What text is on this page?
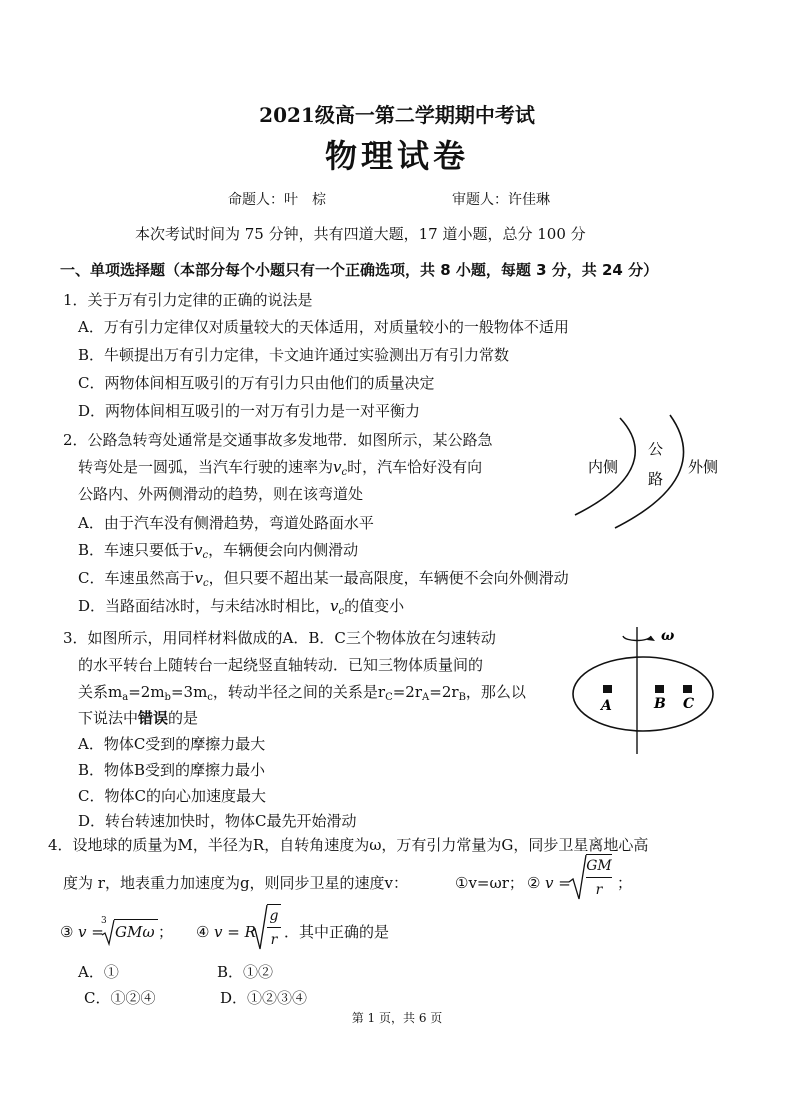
2021级高一第二学期期中考试
物理试卷
命题人：叶　棕	审题人：许佳琳
本次考试时间为 75 分钟，共有四道大题，17 道小题，总分 100 分
一、单项选择题（本部分每个小题只有一个正确选项，共 8 小题，每题 3 分，共 24 分）
1．关于万有引力定律的正确的说法是
A．万有引力定律仅对质量较大的天体适用，对质量较小的一般物体不适用
B．牛顿提出万有引力定律，卡文迪许通过实验测出万有引力常数
C．两物体间相互吸引的万有引力只由他们的质量决定
D．两物体间相互吸引的一对万有引力是一对平衡力
2．公路急转弯处通常是交通事故多发地带．如图所示，某公路急
转弯处是一圆弧，当汽车行驶的速率为$v_c$时，汽车恰好没有向
公路内、外两侧滑动的趋势，则在该弯道处
A．由于汽车没有侧滑趋势，弯道处路面水平
B．车速只要低于$v_c$，车辆便会向内侧滑动
C．车速虽然高于$v_c$，但只要不超出某一最高限度，车辆便不会向外侧滑动
D．当路面结冰时，与未结冰时相比，$v_c$的值变小
内侧
公
路
外侧
3．如图所示，用同样材料做成的A．B．C三个物体放在匀速转动
的水平转台上随转台一起绕竖直轴转动．已知三物体质量间的
关系$m_a=2m_b=3m_c$，转动半径之间的关系是$r_C=2r_A=2r_B$，那么以
下说法中错误的是
A．物体C受到的摩擦力最大
B．物体B受到的摩擦力最小
C．物体C的向心加速度最大
D．转台转速加快时，物体C最先开始滑动
ω
A	B C
4．设地球的质量为M，半径为R，自转角速度为ω，万有引力常量为G，同步卫星离地心高
度为 r，地表重力加速度为g，则同步卫星的速度v：	①v=ωr； ② v =
GM
r ；
③ v =
3
GMω ； ④ v = R
g
r ．其中正确的是
A．①	B．①②
C．①②④	D．①②③④
第 1 页，共 6 页
